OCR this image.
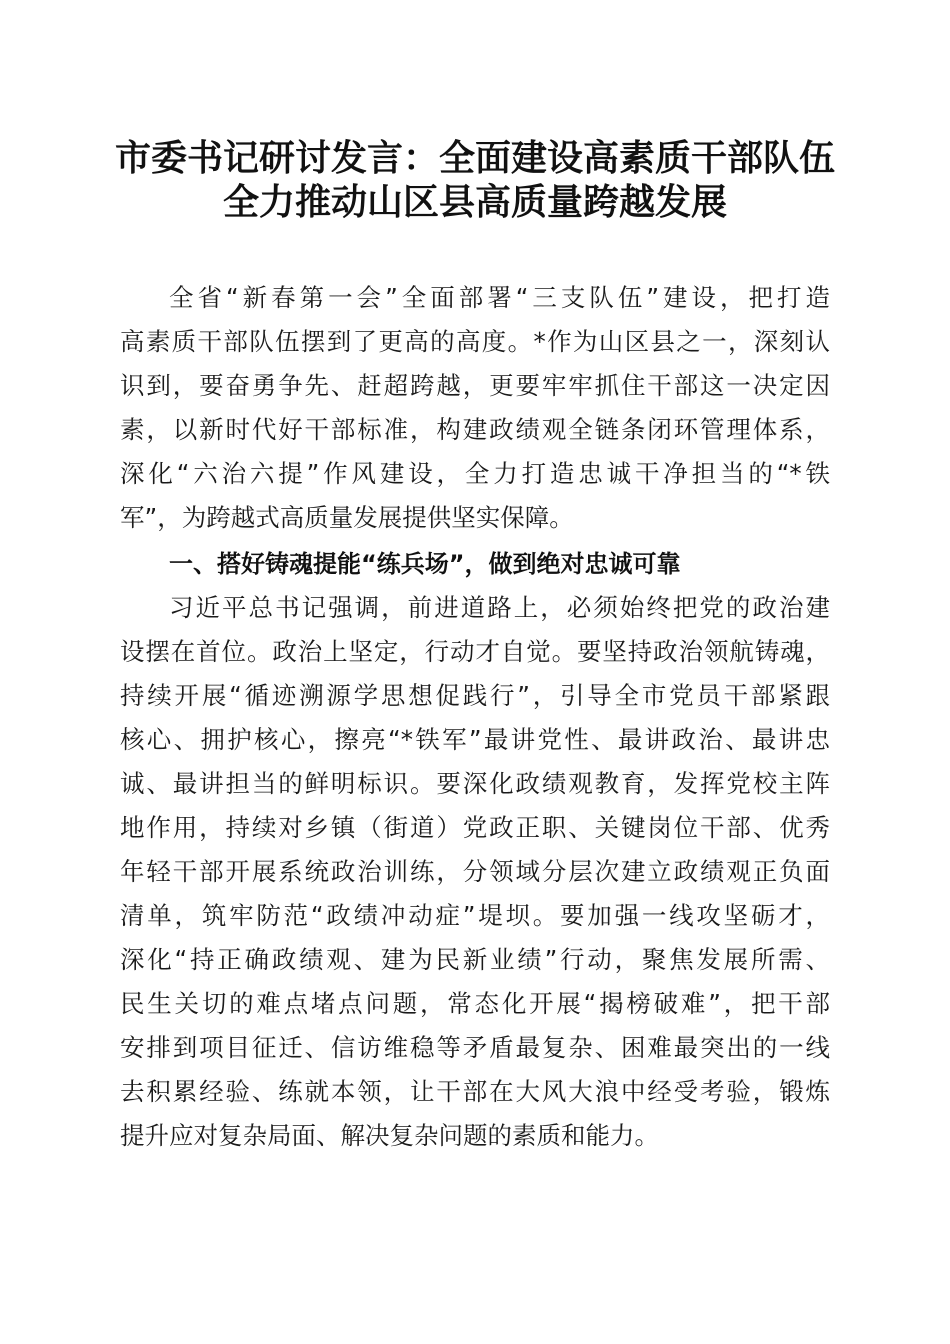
市委书记研讨发言：全面建设高素质干部队伍
全力推动山区县高质量跨越发展
全省“新春第一会”全面部署“三支队伍”建设，把打造
高素质干部队伍摆到了更高的高度。*作为山区县之一，深刻认
识到，要奋勇争先、赶超跨越，更要牢牢抓住干部这一决定因
素，以新时代好干部标准，构建政绩观全链条闭环管理体系，
深化“六治六提”作风建设，全力打造忠诚干净担当的“*铁
军”，为跨越式高质量发展提供坚实保障。
一、搭好铸魂提能“练兵场”，做到绝对忠诚可靠
习近平总书记强调，前进道路上，必须始终把党的政治建
设摆在首位。政治上坚定，行动才自觉。要坚持政治领航铸魂，
持续开展“循迹溯源学思想促践行”，引导全市党员干部紧跟
核心、拥护核心，擦亮“*铁军”最讲党性、最讲政治、最讲忠
诚、最讲担当的鲜明标识。要深化政绩观教育，发挥党校主阵
地作用，持续对乡镇（街道）党政正职、关键岗位干部、优秀
年轻干部开展系统政治训练，分领域分层次建立政绩观正负面
清单，筑牢防范“政绩冲动症”堤坝。要加强一线攻坚砺才，
深化“持正确政绩观、建为民新业绩”行动，聚焦发展所需、
民生关切的难点堵点问题，常态化开展“揭榜破难”，把干部
安排到项目征迁、信访维稳等矛盾最复杂、困难最突出的一线
去积累经验、练就本领，让干部在大风大浪中经受考验，锻炼
提升应对复杂局面、解决复杂问题的素质和能力。
